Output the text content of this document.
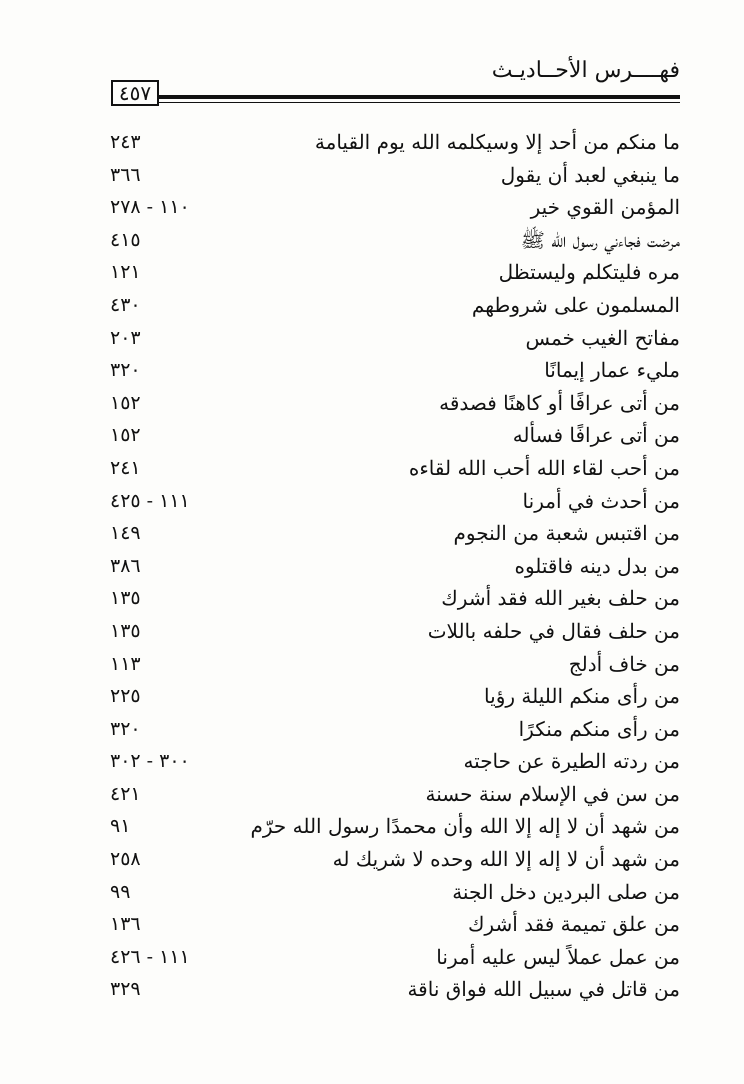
فهــــرس الأحــاديـث
٤٥٧
ما منكم من أحد إلا وسيكلمه الله يوم القيامة
٢٤٣
ما ينبغي لعبد أن يقول
٣٦٦
المؤمن القوي خير
١١٠ - ٢٧٨
مرضت فجاءني رسول الله ﷺ
٤١٥
مره فليتكلم وليستظل
١٢١
المسلمون على شروطهم
٤٣٠
مفاتح الغيب خمس
٢٠٣
مليء عمار إيمانًا
٣٢٠
من أتى عرافًا أو كاهنًا فصدقه
١٥٢
من أتى عرافًا فسأله
١٥٢
من أحب لقاء الله أحب الله لقاءه
٢٤١
من أحدث في أمرنا
١١١ - ٤٢٥
من اقتبس شعبة من النجوم
١٤٩
من بدل دينه فاقتلوه
٣٨٦
من حلف بغير الله فقد أشرك
١٣٥
من حلف فقال في حلفه باللات
١٣٥
من خاف أدلج
١١٣
من رأى منكم الليلة رؤيا
٢٢٥
من رأى منكم منكرًا
٣٢٠
من ردته الطيرة عن حاجته
٣٠٠ - ٣٠٢
من سن في الإسلام سنة حسنة
٤٢١
من شهد أن لا إله إلا الله وأن محمدًا رسول الله حرّم
٩١
من شهد أن لا إله إلا الله وحده لا شريك له
٢٥٨
من صلى البردين دخل الجنة
٩٩
من علق تميمة فقد أشرك
١٣٦
من عمل عملاً ليس عليه أمرنا
١١١ - ٤٢٦
من قاتل في سبيل الله فواق ناقة
٣٢٩
